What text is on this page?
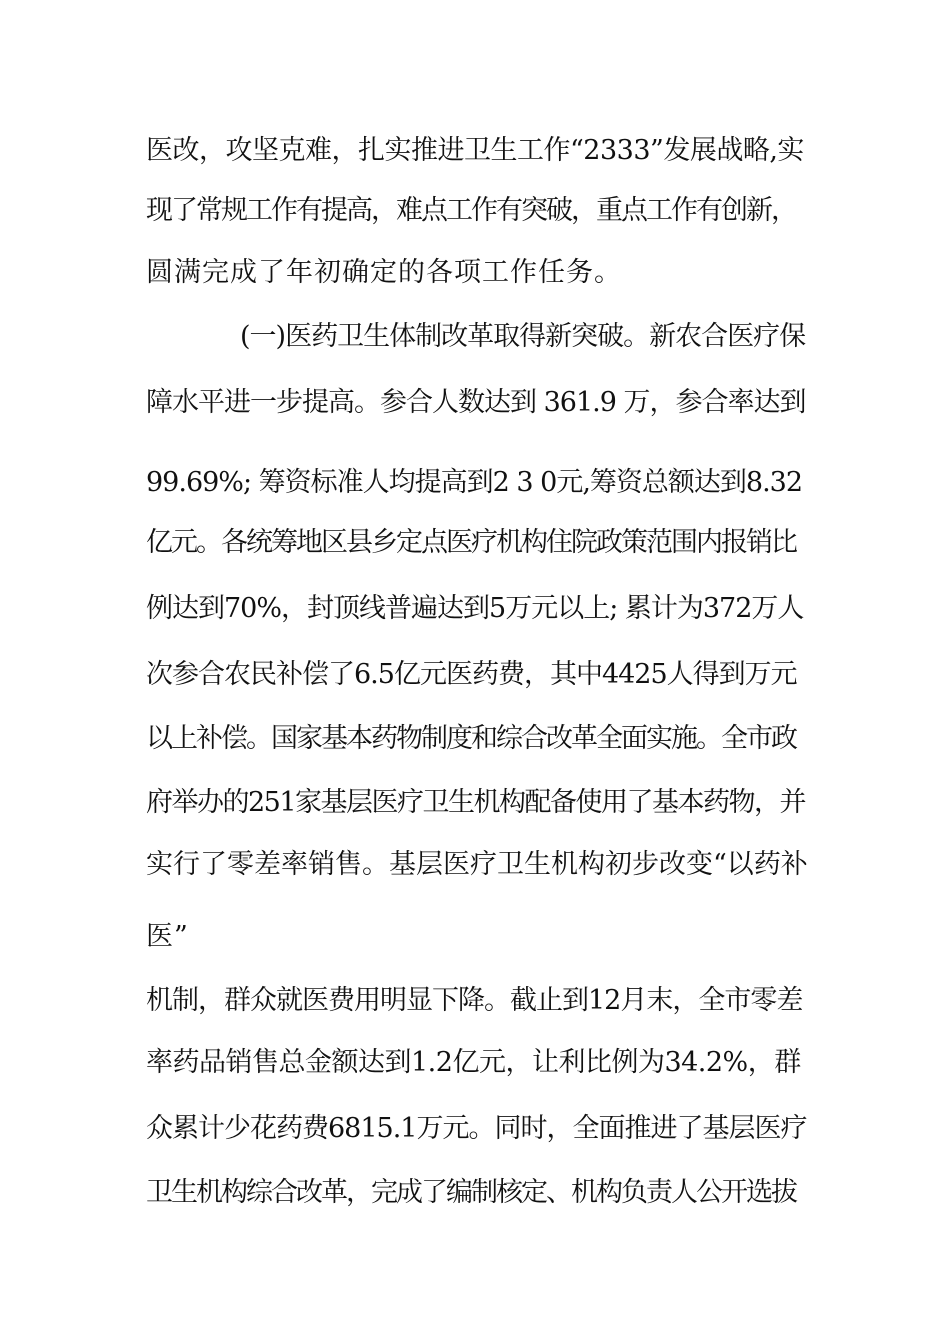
医改，攻坚克难，扎实推进卫生工作“2333”发展战略,实
现了常规工作有提高，难点工作有突破，重点工作有创新，
圆满完成了年初确定的各项工作任务。
(一)医药卫生体制改革取得新突破。新农合医疗保
障水平进一步提高。参合人数达到 361.9 万，参合率达到
99.69%; 筹资标准人均提高到2 3 0元,筹资总额达到8.32
亿元。各统筹地区县乡定点医疗机构住院政策范围内报销比
例达到70%，封顶线普遍达到5万元以上; 累计为372万人
次参合农民补偿了6.5亿元医药费，其中4425人得到万元
以上补偿。国家基本药物制度和综合改革全面实施。全市政
府举办的251家基层医疗卫生机构配备使用了基本药物，并
实行了零差率销售。基层医疗卫生机构初步改变“以药补
医”
机制，群众就医费用明显下降。截止到12月末，全市零差
率药品销售总金额达到1.2亿元，让利比例为34.2%，群
众累计少花药费6815.1万元。同时，全面推进了基层医疗
卫生机构综合改革，完成了编制核定、机构负责人公开选拔
